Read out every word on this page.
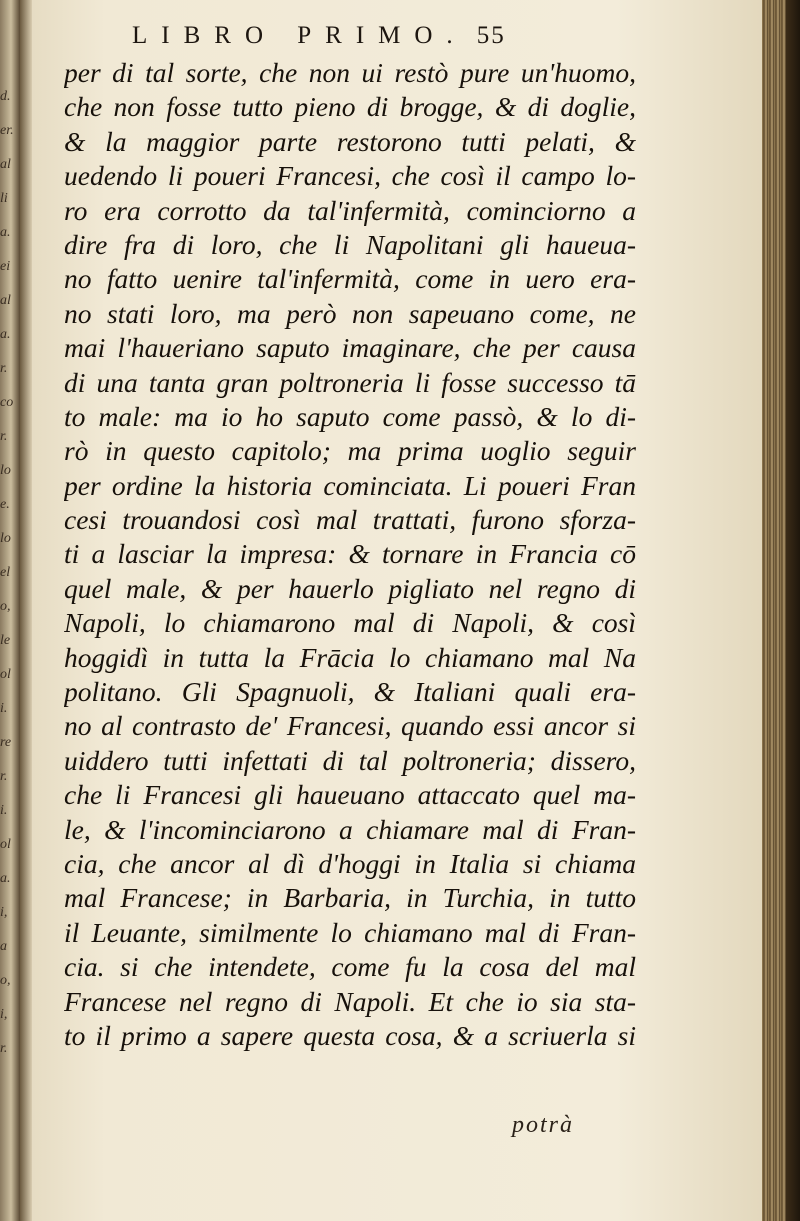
d.
er.
al
li
a.
ei
al
a.
r.
co
r.
lo
e.
lo
el
o,
le
ol
i.
re
r.
i.
ol
a.
i,
a
o,
i,
r.
LIBRO PRIMO. 55
per di tal sorte, che non ui restò pure un'huomo,
che non fosse tutto pieno di brogge, & di doglie,
& la maggior parte restorono tutti pelati, &
uedendo li poueri Francesi, che così il campo lo-
ro era corrotto da tal'infermità, cominciorno a
dire fra di loro, che li Napolitani gli haueua-
no fatto uenire tal'infermità, come in uero era-
no stati loro, ma però non sapeuano come, ne
mai l'haueriano saputo imaginare, che per causa
di una tanta gran poltroneria li fosse successo tā
to male: ma io ho saputo come passò, & lo di-
rò in questo capitolo; ma prima uoglio seguir
per ordine la historia cominciata. Li poueri Fran
cesi trouandosi così mal trattati, furono sforza-
ti a lasciar la impresa: & tornare in Francia cō
quel male, & per hauerlo pigliato nel regno di
Napoli, lo chiamarono mal di Napoli, & così
hoggidì in tutta la Frācia lo chiamano mal Na
politano. Gli Spagnuoli, & Italiani quali era-
no al contrasto de' Francesi, quando essi ancor si
uiddero tutti infettati di tal poltroneria; dissero,
che li Francesi gli haueuano attaccato quel ma-
le, & l'incominciarono a chiamare mal di Fran-
cia, che ancor al dì d'hoggi in Italia si chiama
mal Francese; in Barbaria, in Turchia, in tutto
il Leuante, similmente lo chiamano mal di Fran-
cia. si che intendete, come fu la cosa del mal
Francese nel regno di Napoli. Et che io sia sta-
to il primo a sapere questa cosa, & a scriuerla si
potrà
